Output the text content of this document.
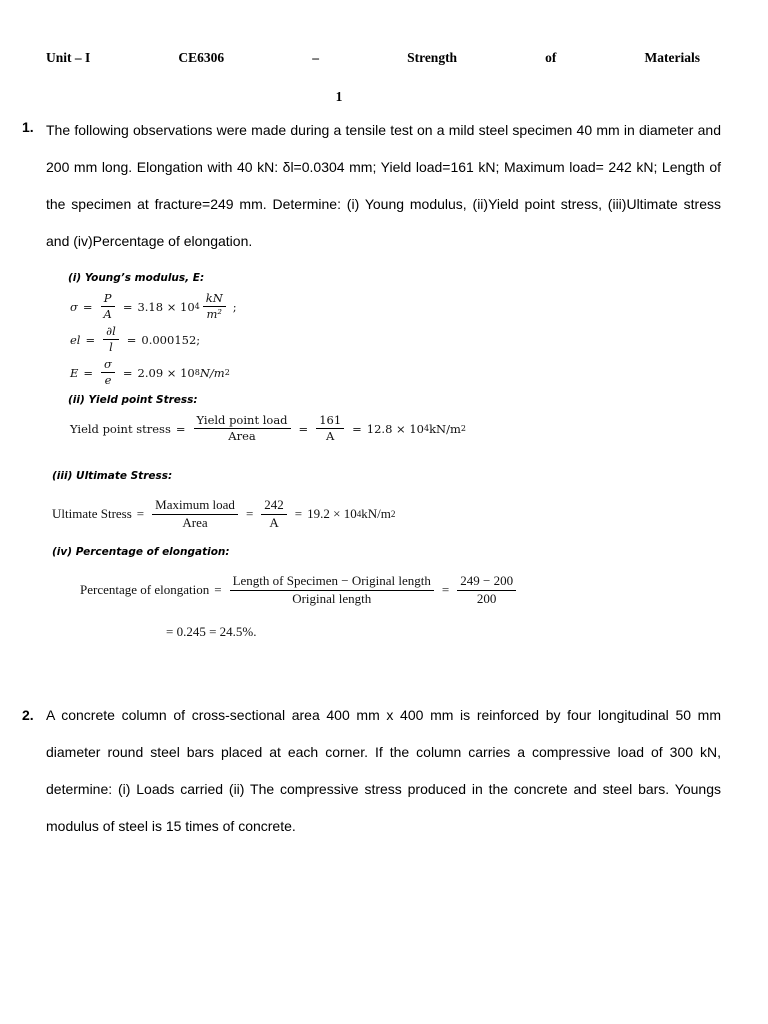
Unit – I	CE6306	–	Strength	of	Materials
1
1. The following observations were made during a tensile test on a mild steel specimen 40 mm in diameter and 200 mm long. Elongation with 40 kN: δl=0.0304 mm; Yield load=161 kN; Maximum load= 242 kN; Length of the specimen at fracture=249 mm. Determine: (i) Young modulus, (ii)Yield point stress, (iii)Ultimate stress and (iv)Percentage of elongation.
(i) Young’s modulus, E:
$\sigma = \frac{P}{A} = 3.18 \times 10$ $4 \frac{kN}{\text{m²}}$ ;
el = $\frac{\partial l}{l} = 0.000152$;
$E = \frac{\sigma}{e} = 2.09 \times 10$ 8 N/m 2
(ii) Yield point Stress:
Yield point stress = $\frac{\text{Yield point load}}{\text{Area}} = \frac{161}{A} = 12.8 \times 10$ 4 kN/m 2
(iii) Ultimate Stress:
Ultimate Stress = $\frac{\text{Maximum load}}{\text{Area}} = \frac{242}{A} = 19.2 \times 10$ 4 kN/m 2
(iv) Percentage of elongation:
Percentage of elongation = $\frac{\text{Length of Specimen − Original length}}{\text{Original length}} = \frac{249 - 200}{200}$
= 0.245 = 24.5%.
2. A concrete column of cross-sectional area 400 mm x 400 mm is reinforced by four longitudinal 50 mm diameter round steel bars placed at each corner. If the column carries a compressive load of 300 kN, determine: (i) Loads carried (ii) The compressive stress produced in the concrete and steel bars. Youngs modulus of steel is 15 times of concrete.
